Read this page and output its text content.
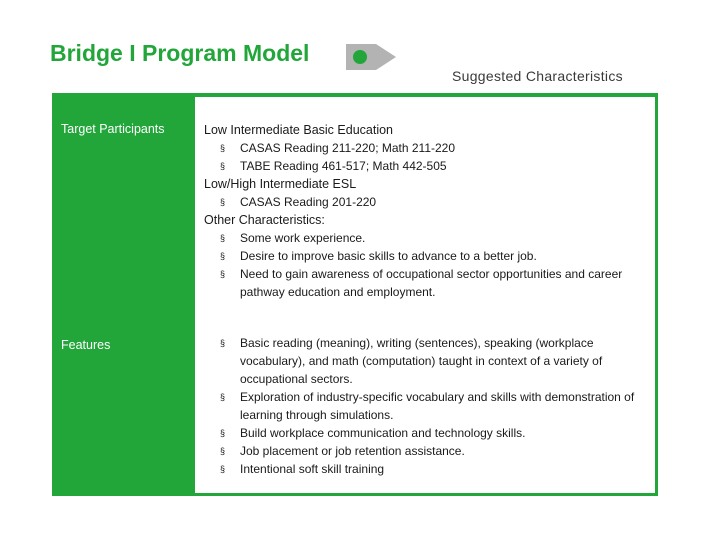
Bridge I Program Model
Suggested Characteristics
Target Participants
Features
Low Intermediate Basic Education
§ CASAS Reading 211-220; Math 211-220
§ TABE Reading 461-517; Math 442-505
Low/High Intermediate ESL
§ CASAS Reading 201-220
Other Characteristics:
§ Some work experience.
§ Desire to improve basic skills to advance to a better job.
§ Need to gain awareness of occupational sector opportunities and career pathway education and employment.
§ Basic reading (meaning), writing (sentences), speaking (workplace vocabulary), and math (computation) taught in context of a variety of occupational sectors.
§ Exploration of industry-specific vocabulary and skills with demonstration of learning through simulations.
§ Build workplace communication and technology skills.
§ Job placement or job retention assistance.
§ Intentional soft skill training
